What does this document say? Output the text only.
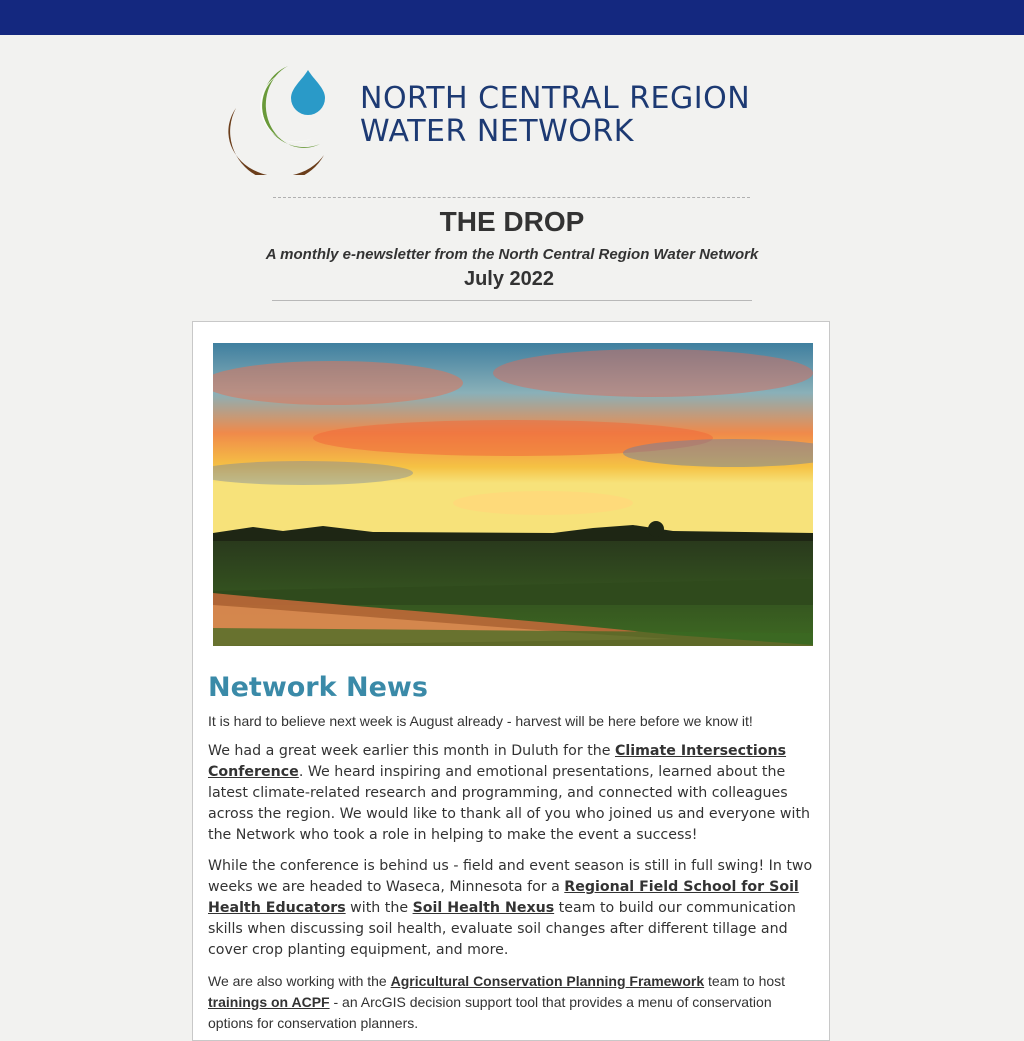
NORTH CENTRAL REGION
WATER NETWORK
THE DROP
A monthly e-newsletter from the North Central Region Water Network
July 2022
Network News
It is hard to believe next week is August already - harvest will be here before we know it!
We had a great week earlier this month in Duluth for the Climate Intersections Conference. We heard inspiring and emotional presentations, learned about the latest climate-related research and programming, and connected with colleagues across the region. We would like to thank all of you who joined us and everyone with the Network who took a role in helping to make the event a success!
While the conference is behind us - field and event season is still in full swing! In two weeks we are headed to Waseca, Minnesota for a Regional Field School for Soil Health Educators with the Soil Health Nexus team to build our communication skills when discussing soil health, evaluate soil changes after different tillage and cover crop planting equipment, and more.
We are also working with the Agricultural Conservation Planning Framework team to host trainings on ACPF - an ArcGIS decision support tool that provides a menu of conservation options for conservation planners.
